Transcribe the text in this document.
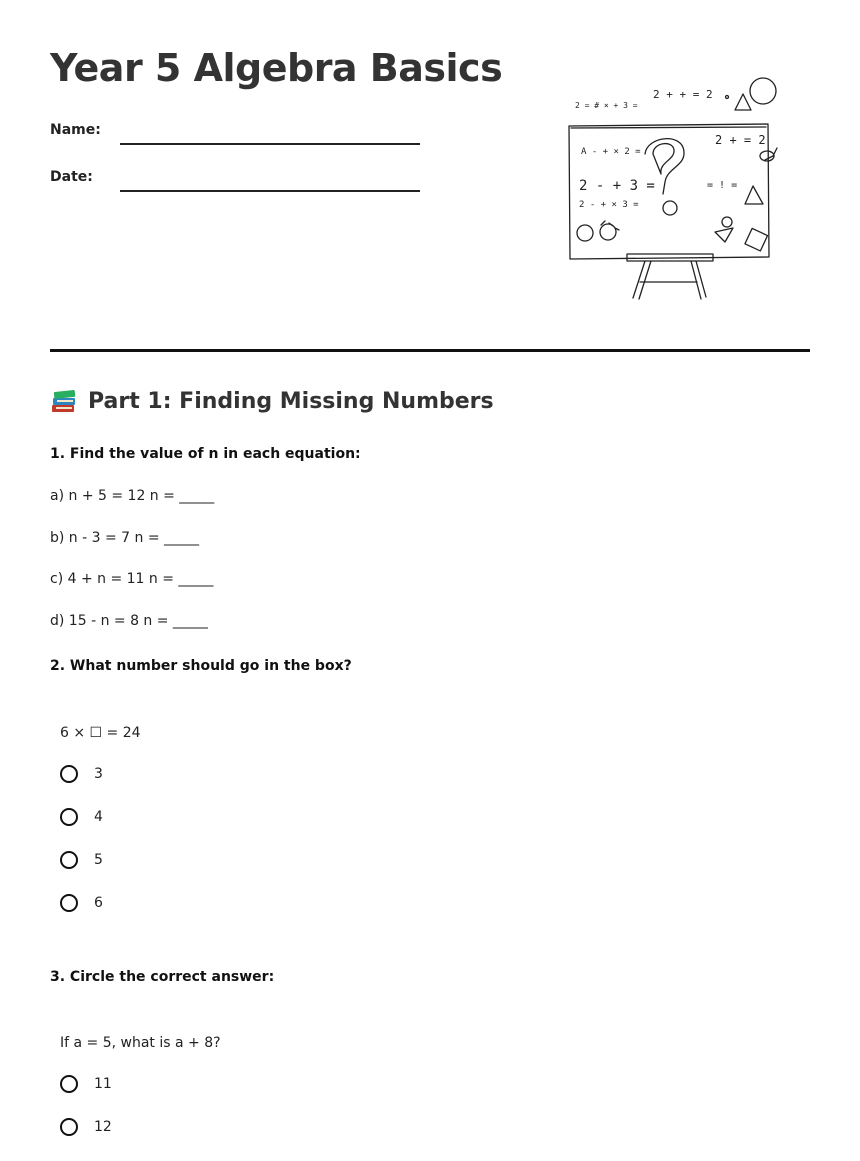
Year 5 Algebra Basics
Name:
Date:
2 = # × + 3 =
2 + + = 2
A - + × 2 =
2 + = 2
2 - + 3 =
2 - + × 3 =
= ! =
Part 1: Finding Missing Numbers
1. Find the value of n in each equation:
a) n + 5 = 12 n = _____
b) n - 3 = 7 n = _____
c) 4 + n = 11 n = _____
d) 15 - n = 8 n = _____
2. What number should go in the box?
6 × ☐ = 24
3
4
5
6
3. Circle the correct answer:
If a = 5, what is a + 8?
11
12
